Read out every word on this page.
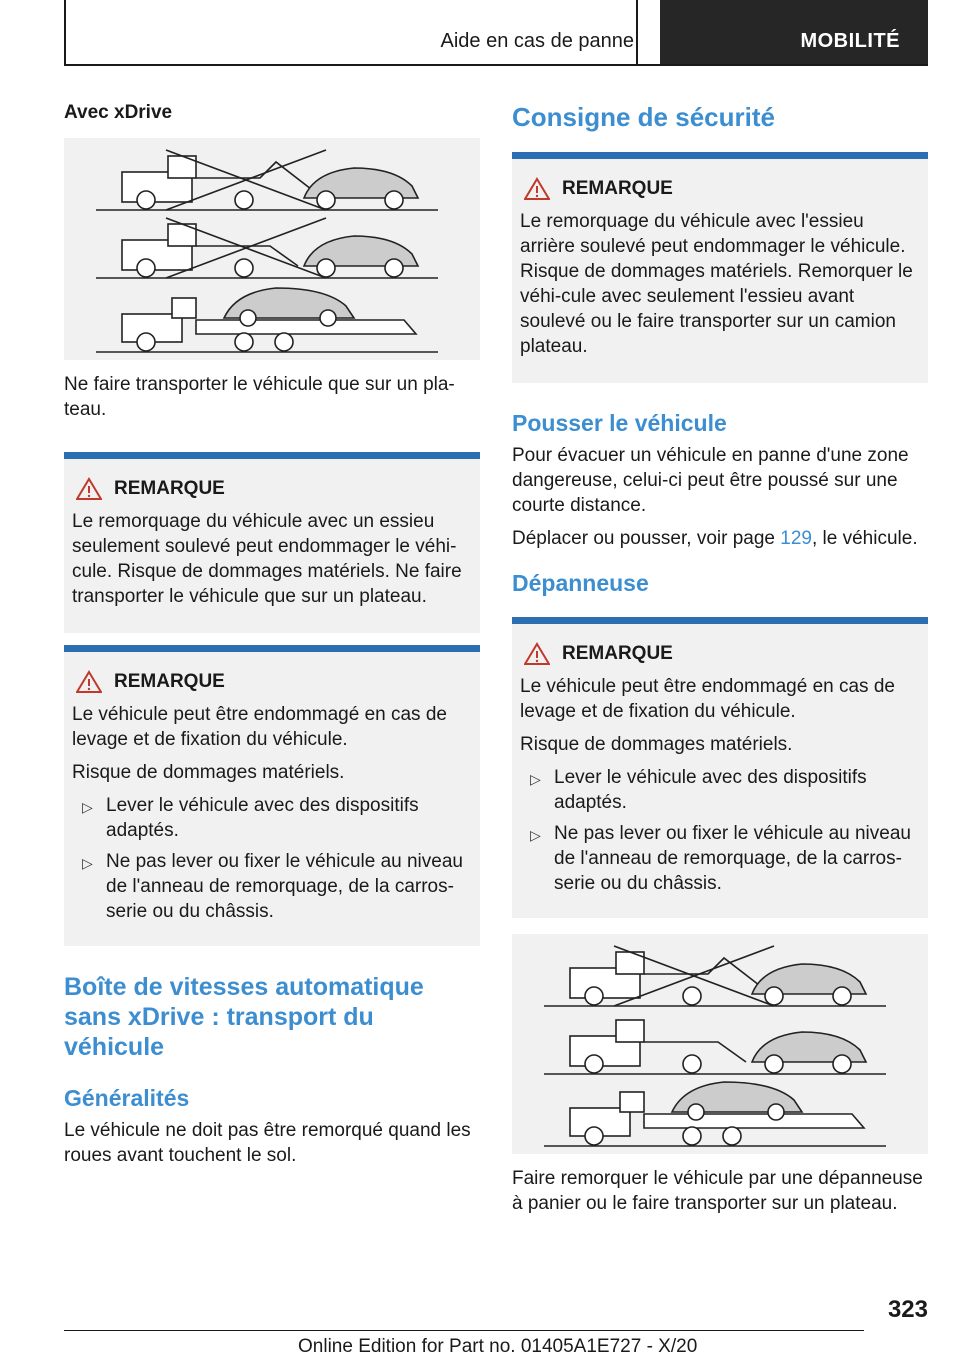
Aide en cas de panne	MOBILITÉ
Avec xDrive
Ne faire transporter le véhicule que sur un pla-teau.
REMARQUE
Le remorquage du véhicule avec un essieu seulement soulevé peut endommager le véhi-cule. Risque de dommages matériels. Ne faire transporter le véhicule que sur un plateau.
REMARQUE
Le véhicule peut être endommagé en cas de levage et de fixation du véhicule.
Risque de dommages matériels.
▷ Lever le véhicule avec des dispositifs adaptés.
▷ Ne pas lever ou fixer le véhicule au niveau de l'anneau de remorquage, de la carros-serie ou du châssis.
Boîte de vitesses automatique sans xDrive : transport du véhicule
Généralités
Le véhicule ne doit pas être remorqué quand les roues avant touchent le sol.
Consigne de sécurité
REMARQUE
Le remorquage du véhicule avec l'essieu arrière soulevé peut endommager le véhicule. Risque de dommages matériels. Remorquer le véhi-cule avec seulement l'essieu avant soulevé ou le faire transporter sur un camion plateau.
Pousser le véhicule
Pour évacuer un véhicule en panne d'une zone dangereuse, celui-ci peut être poussé sur une courte distance.
Déplacer ou pousser, voir page 129, le véhicule.
Dépanneuse
REMARQUE
Le véhicule peut être endommagé en cas de levage et de fixation du véhicule.
Risque de dommages matériels.
▷ Lever le véhicule avec des dispositifs adaptés.
▷ Ne pas lever ou fixer le véhicule au niveau de l'anneau de remorquage, de la carros-serie ou du châssis.
Faire remorquer le véhicule par une dépanneuse à panier ou le faire transporter sur un plateau.
323
Online Edition for Part no. 01405A1E727 - X/20
